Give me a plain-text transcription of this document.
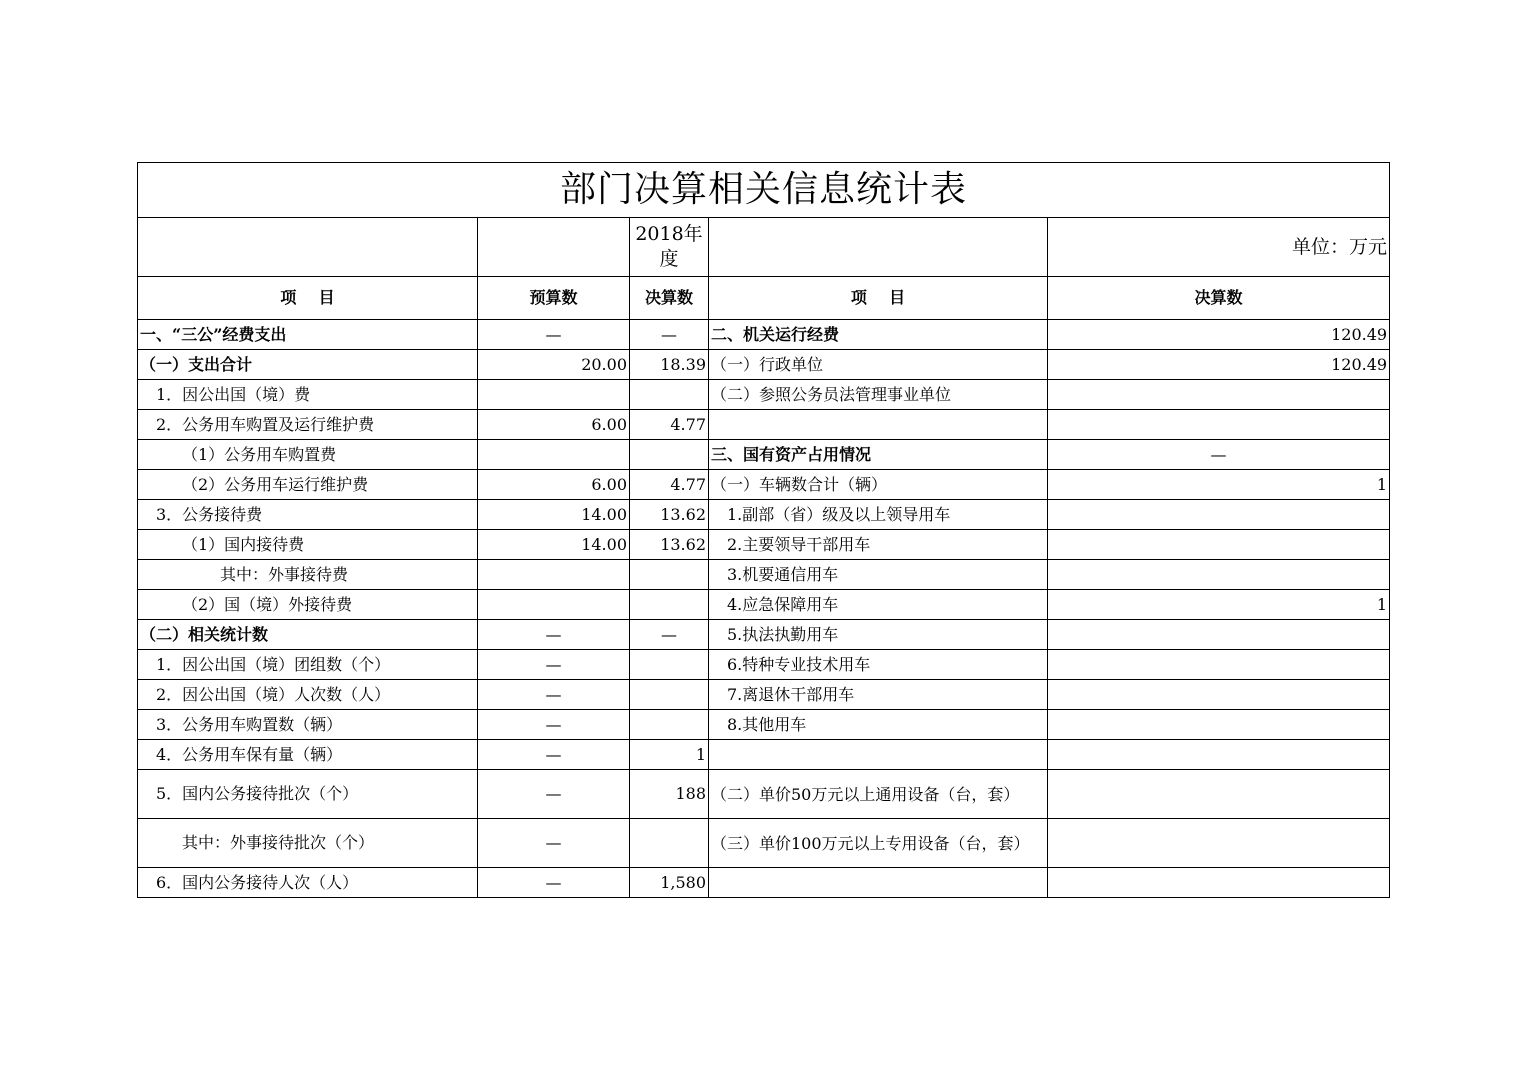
部门决算相关信息统计表				
		2018年度		单位：万元
项    目	预算数	决算数	项    目	决算数
一、“三公”经费支出	—	—	二、机关运行经费	120.49
（一）支出合计	20.00	18.39	（一）行政单位	120.49
1．因公出国（境）费			（二）参照公务员法管理事业单位	
2．公务用车购置及运行维护费	6.00	4.77		
（1）公务用车购置费			三、国有资产占用情况	—
（2）公务用车运行维护费	6.00	4.77	（一）车辆数合计（辆）	1
3．公务接待费	14.00	13.62	1.副部（省）级及以上领导用车	
（1）国内接待费	14.00	13.62	2.主要领导干部用车	
其中：外事接待费			3.机要通信用车	
（2）国（境）外接待费			4.应急保障用车	1
（二）相关统计数	—	—	5.执法执勤用车	
1．因公出国（境）团组数（个）	—		6.特种专业技术用车	
2．因公出国（境）人次数（人）	—		7.离退休干部用车	
3．公务用车购置数（辆）	—		8.其他用车	
4．公务用车保有量（辆）	—	1		
5．国内公务接待批次（个）	—	188	（二）单价50万元以上通用设备（台，套）	
其中：外事接待批次（个）	—		（三）单价100万元以上专用设备（台，套）	
6．国内公务接待人次（人）	—	1,580		
